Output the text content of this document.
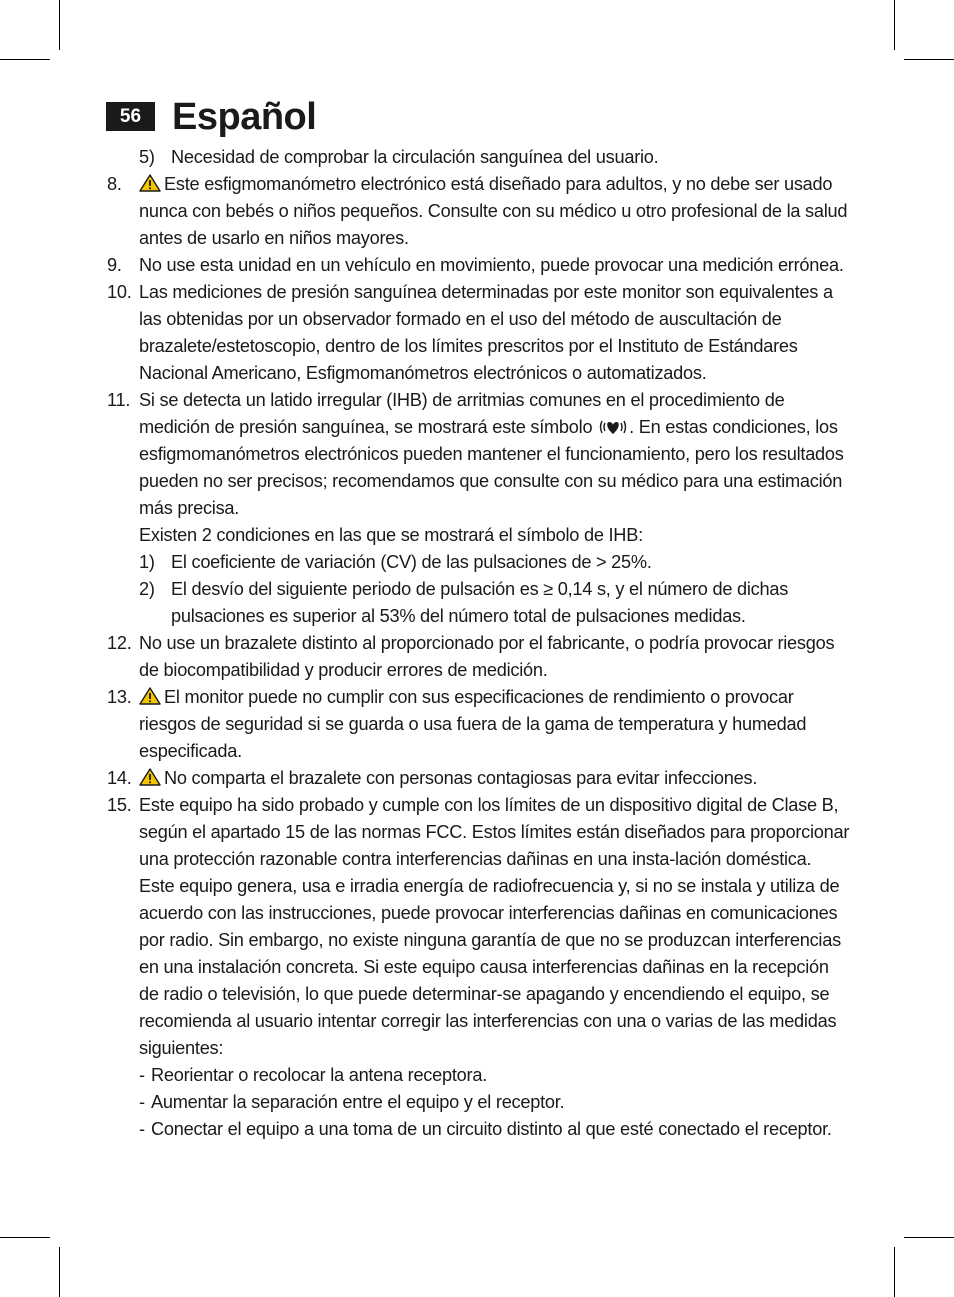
56 Español
5) Necesidad de comprobar la circulación sanguínea del usuario.
8. Este esfigmomanómetro electrónico está diseñado para adultos, y no debe ser usado nunca con bebés o niños pequeños. Consulte con su médico u otro profesional de la salud antes de usarlo en niños mayores.
9. No use esta unidad en un vehículo en movimiento, puede provocar una medición errónea.
10. Las mediciones de presión sanguínea determinadas por este monitor son equivalentes a las obtenidas por un observador formado en el uso del método de auscultación de brazalete/estetoscopio, dentro de los límites prescritos por el Instituto de Estándares Nacional Americano, Esfigmomanómetros electrónicos o automatizados.
11. Si se detecta un latido irregular (IHB) de arritmias comunes en el procedimiento de medición de presión sanguínea, se mostrará este símbolo . En estas condiciones, los esfigmomanómetros electrónicos pueden mantener el funcionamiento, pero los resultados pueden no ser precisos; recomendamos que consulte con su médico para una estimación más precisa.
Existen 2 condiciones en las que se mostrará el símbolo de IHB:
1) El coeficiente de variación (CV) de las pulsaciones de > 25%.
2) El desvío del siguiente periodo de pulsación es ≥ 0,14 s, y el número de dichas pulsaciones es superior al 53% del número total de pulsaciones medidas.
12. No use un brazalete distinto al proporcionado por el fabricante, o podría provocar riesgos de biocompatibilidad y producir errores de medición.
13. El monitor puede no cumplir con sus especificaciones de rendimiento o provocar riesgos de seguridad si se guarda o usa fuera de la gama de temperatura y humedad especificada.
14. No comparta el brazalete con personas contagiosas para evitar infecciones.
15. Este equipo ha sido probado y cumple con los límites de un dispositivo digital de Clase B, según el apartado 15 de las normas FCC. Estos límites están diseñados para proporcionar una protección razonable contra interferencias dañinas en una insta-lación doméstica. Este equipo genera, usa e irradia energía de radiofrecuencia y, si no se instala y utiliza de acuerdo con las instrucciones, puede provocar interferencias dañinas en comunicaciones por radio. Sin embargo, no existe ninguna garantía de que no se produzcan interferencias en una instalación concreta. Si este equipo causa interferencias dañinas en la recepción de radio o televisión, lo que puede determinar-se apagando y encendiendo el equipo, se recomienda al usuario intentar corregir las interferencias con una o varias de las medidas siguientes:
- Reorientar o recolocar la antena receptora.
- Aumentar la separación entre el equipo y el receptor.
- Conectar el equipo a una toma de un circuito distinto al que esté conectado el receptor.
